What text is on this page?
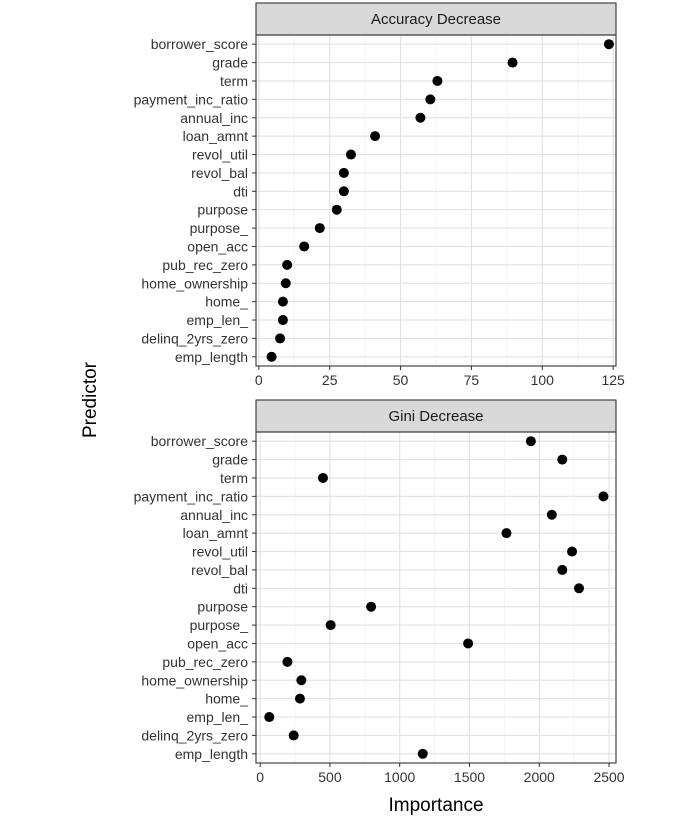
Accuracy Decrease
borrower_score
grade
term
payment_inc_ratio
annual_inc
loan_amnt
revol_util
revol_bal
dti
purpose
purpose_
open_acc
pub_rec_zero
home_ownership
home_
emp_len_
delinq_2yrs_zero
emp_length
0	25	50	75	100	125
Gini Decrease
borrower_score
grade
term
payment_inc_ratio
annual_inc
loan_amnt
revol_util
revol_bal
dti
purpose
purpose_
open_acc
pub_rec_zero
home_ownership
home_
emp_len_
delinq_2yrs_zero
emp_length
0	500	1000	1500	2000	2500
Predictor
Importance
